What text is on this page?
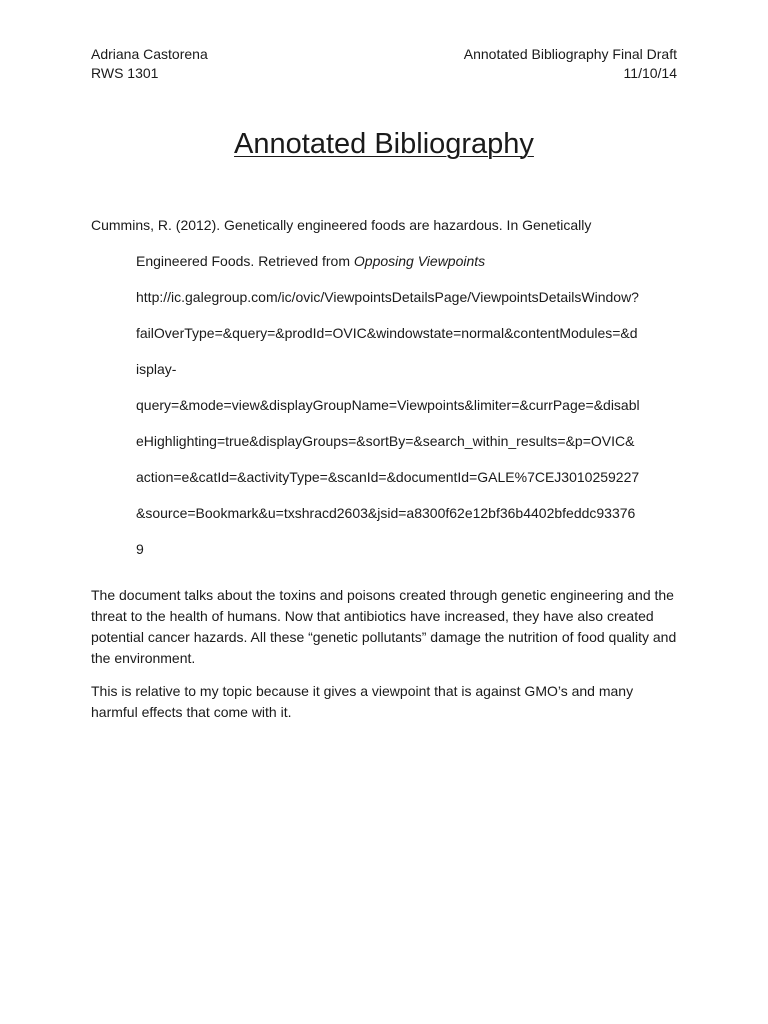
Adriana Castorena	Annotated Bibliography Final Draft
RWS 1301	11/10/14
Annotated Bibliography
Cummins, R. (2012). Genetically engineered foods are hazardous. In Genetically
Engineered Foods. Retrieved from Opposing Viewpoints
http://ic.galegroup.com/ic/ovic/ViewpointsDetailsPage/ViewpointsDetailsWindow?
failOverType=&query=&prodId=OVIC&windowstate=normal&contentModules=&d
isplay-
query=&mode=view&displayGroupName=Viewpoints&limiter=&currPage=&disabl
eHighlighting=true&displayGroups=&sortBy=&search_within_results=&p=OVIC&
action=e&catId=&activityType=&scanId=&documentId=GALE%7CEJ3010259227
&source=Bookmark&u=txshracd2603&jsid=a8300f62e12bf36b4402bfeddc93376
9

The document talks about the toxins and poisons created through genetic engineering and the threat to the health of humans. Now that antibiotics have increased, they have also created potential cancer hazards. All these “genetic pollutants” damage the nutrition of food quality and the environment.

This is relative to my topic because it gives a viewpoint that is against GMO’s and many harmful effects that come with it.
